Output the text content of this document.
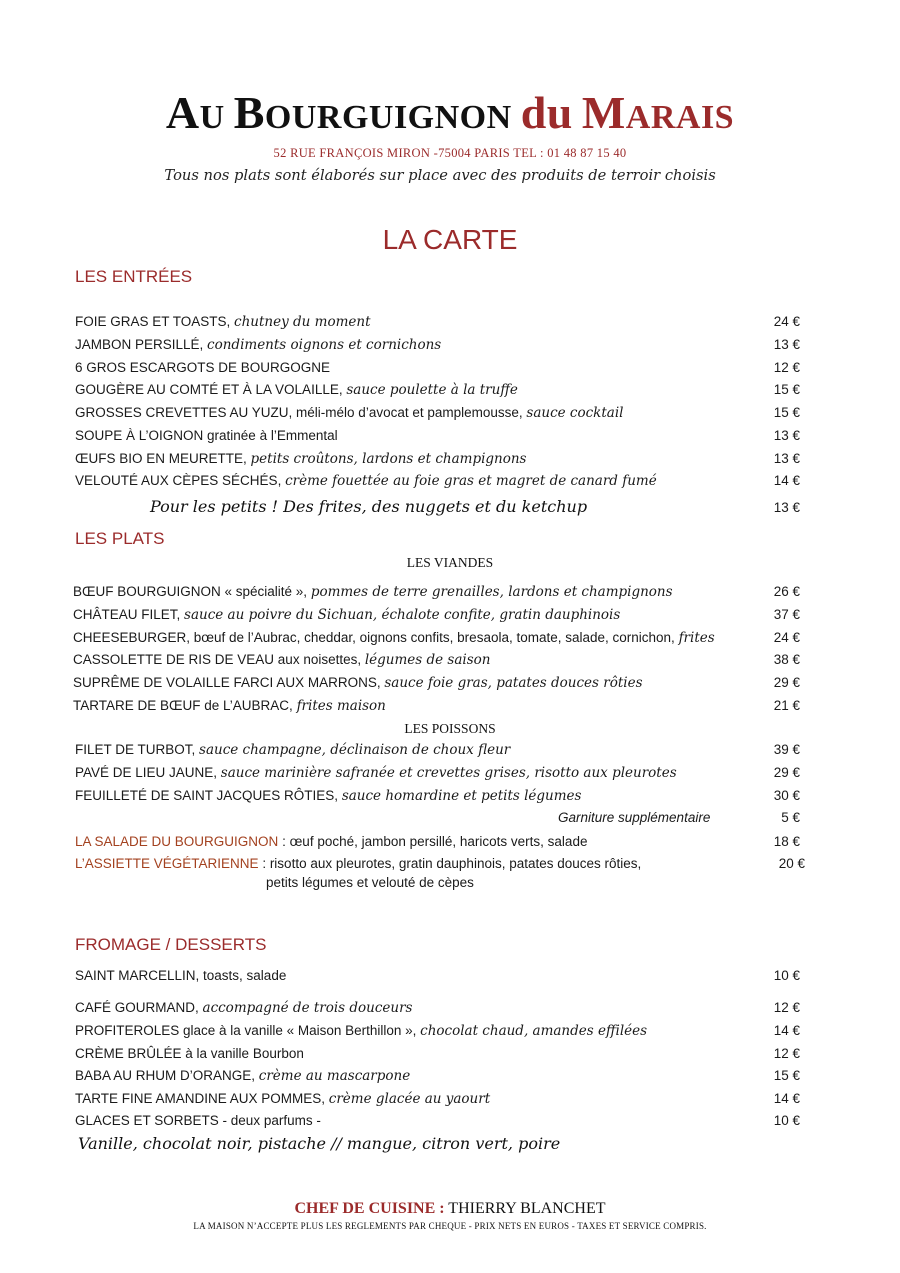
AU BOURGUIGNON du MARAIS
52 RUE FRANÇOIS MIRON -75004 PARIS TEL : 01 48 87 15 40
Tous nos plats sont élaborés sur place avec des produits de terroir choisis
LA CARTE
LES ENTRÉES
FOIE GRAS ET TOASTS, chutney du moment	24 €
JAMBON PERSILLÉ, condiments oignons et cornichons	13 €
6 GROS ESCARGOTS DE BOURGOGNE	12 €
GOUGÈRE AU COMTÉ ET À LA VOLAILLE, sauce poulette à la truffe	15 €
GROSSES CREVETTES AU YUZU, méli-mélo d’avocat et pamplemousse, sauce cocktail	15 €
SOUPE À L’OIGNON gratinée à l’Emmental	13 €
ŒUFS BIO EN MEURETTE, petits croûtons, lardons et champignons	13 €
VELOUTÉ AUX CÈPES SÉCHÉS, crème fouettée au foie gras et magret de canard fumé	14 €
Pour les petits ! Des frites, des nuggets et du ketchup	13 €
LES PLATS
LES VIANDES
BŒUF BOURGUIGNON « spécialité », pommes de terre grenailles, lardons et champignons	26 €
CHÂTEAU FILET, sauce au poivre du Sichuan, échalote confite, gratin dauphinois	37 €
CHEESEBURGER, bœuf de l’Aubrac, cheddar, oignons confits, bresaola, tomate, salade, cornichon, frites	24 €
CASSOLETTE DE RIS DE VEAU aux noisettes, légumes de saison	38 €
SUPRÊME DE VOLAILLE FARCI AUX MARRONS, sauce foie gras, patates douces rôties	29 €
TARTARE DE BŒUF de L’AUBRAC, frites maison	21 €
LES POISSONS
FILET DE TURBOT, sauce champagne, déclinaison de choux fleur	39 €
PAVÉ DE LIEU JAUNE, sauce marinière safranée et crevettes grises, risotto aux pleurotes	29 €
FEUILLETÉ DE SAINT JACQUES RÔTIES, sauce homardine et petits légumes	30 €
Garniture supplémentaire	5 €
LA SALADE DU BOURGUIGNON : œuf poché, jambon persillé, haricots verts, salade	18 €
L’ASSIETTE VÉGÉTARIENNE : risotto aux pleurotes, gratin dauphinois, patates douces rôties,	20 €
petits légumes et velouté de cèpes
FROMAGE / DESSERTS
SAINT MARCELLIN, toasts, salade	10 €
CAFÉ GOURMAND, accompagné de trois douceurs	12 €
PROFITEROLES glace à la vanille « Maison Berthillon », chocolat chaud, amandes effilées	14 €
CRÈME BRÛLÉE à la vanille Bourbon	12 €
BABA AU RHUM D’ORANGE, crème au mascarpone	15 €
TARTE FINE AMANDINE AUX POMMES, crème glacée au yaourt	14 €
GLACES ET SORBETS - deux parfums -	10 €
Vanille, chocolat noir, pistache // mangue, citron vert, poire
CHEF DE CUISINE : THIERRY BLANCHET
LA MAISON N’ACCEPTE PLUS LES REGLEMENTS PAR CHEQUE - PRIX NETS EN EUROS - TAXES ET SERVICE COMPRIS.
